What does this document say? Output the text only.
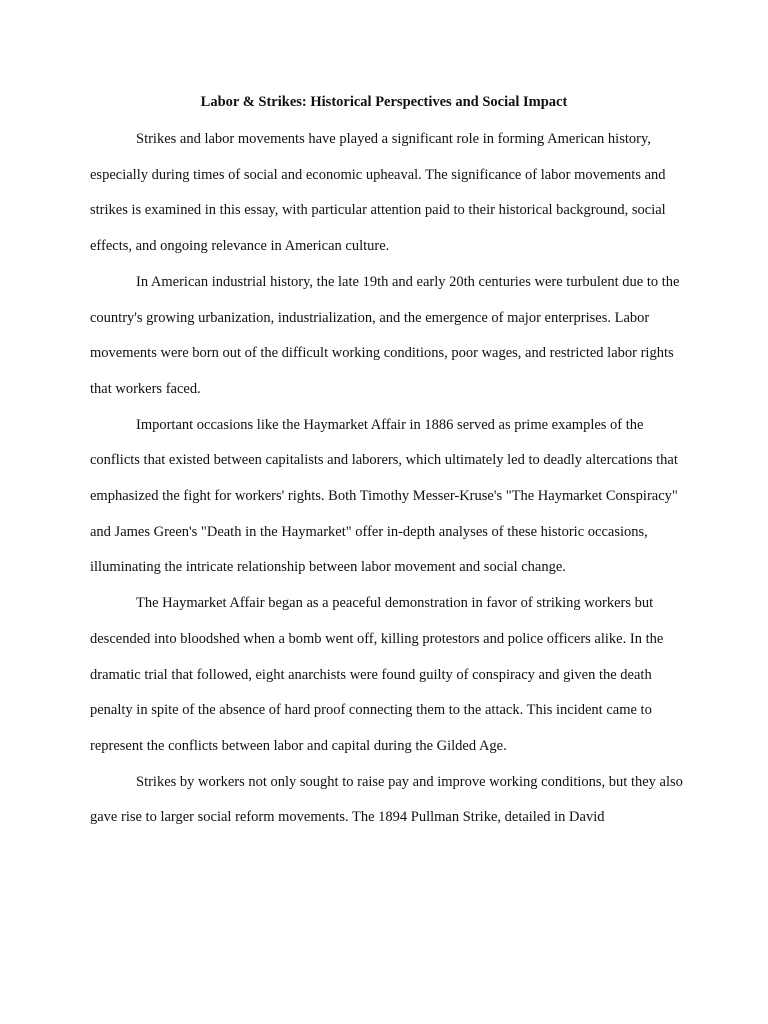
Labor & Strikes: Historical Perspectives and Social Impact

Strikes and labor movements have played a significant role in forming American history, especially during times of social and economic upheaval. The significance of labor movements and strikes is examined in this essay, with particular attention paid to their historical background, social effects, and ongoing relevance in American culture.

In American industrial history, the late 19th and early 20th centuries were turbulent due to the country's growing urbanization, industrialization, and the emergence of major enterprises. Labor movements were born out of the difficult working conditions, poor wages, and restricted labor rights that workers faced.

Important occasions like the Haymarket Affair in 1886 served as prime examples of the conflicts that existed between capitalists and laborers, which ultimately led to deadly altercations that emphasized the fight for workers' rights. Both Timothy Messer-Kruse's "The Haymarket Conspiracy" and James Green's "Death in the Haymarket" offer in-depth analyses of these historic occasions, illuminating the intricate relationship between labor movement and social change.

The Haymarket Affair began as a peaceful demonstration in favor of striking workers but descended into bloodshed when a bomb went off, killing protestors and police officers alike. In the dramatic trial that followed, eight anarchists were found guilty of conspiracy and given the death penalty in spite of the absence of hard proof connecting them to the attack. This incident came to represent the conflicts between labor and capital during the Gilded Age.

Strikes by workers not only sought to raise pay and improve working conditions, but they also gave rise to larger social reform movements. The 1894 Pullman Strike, detailed in David
